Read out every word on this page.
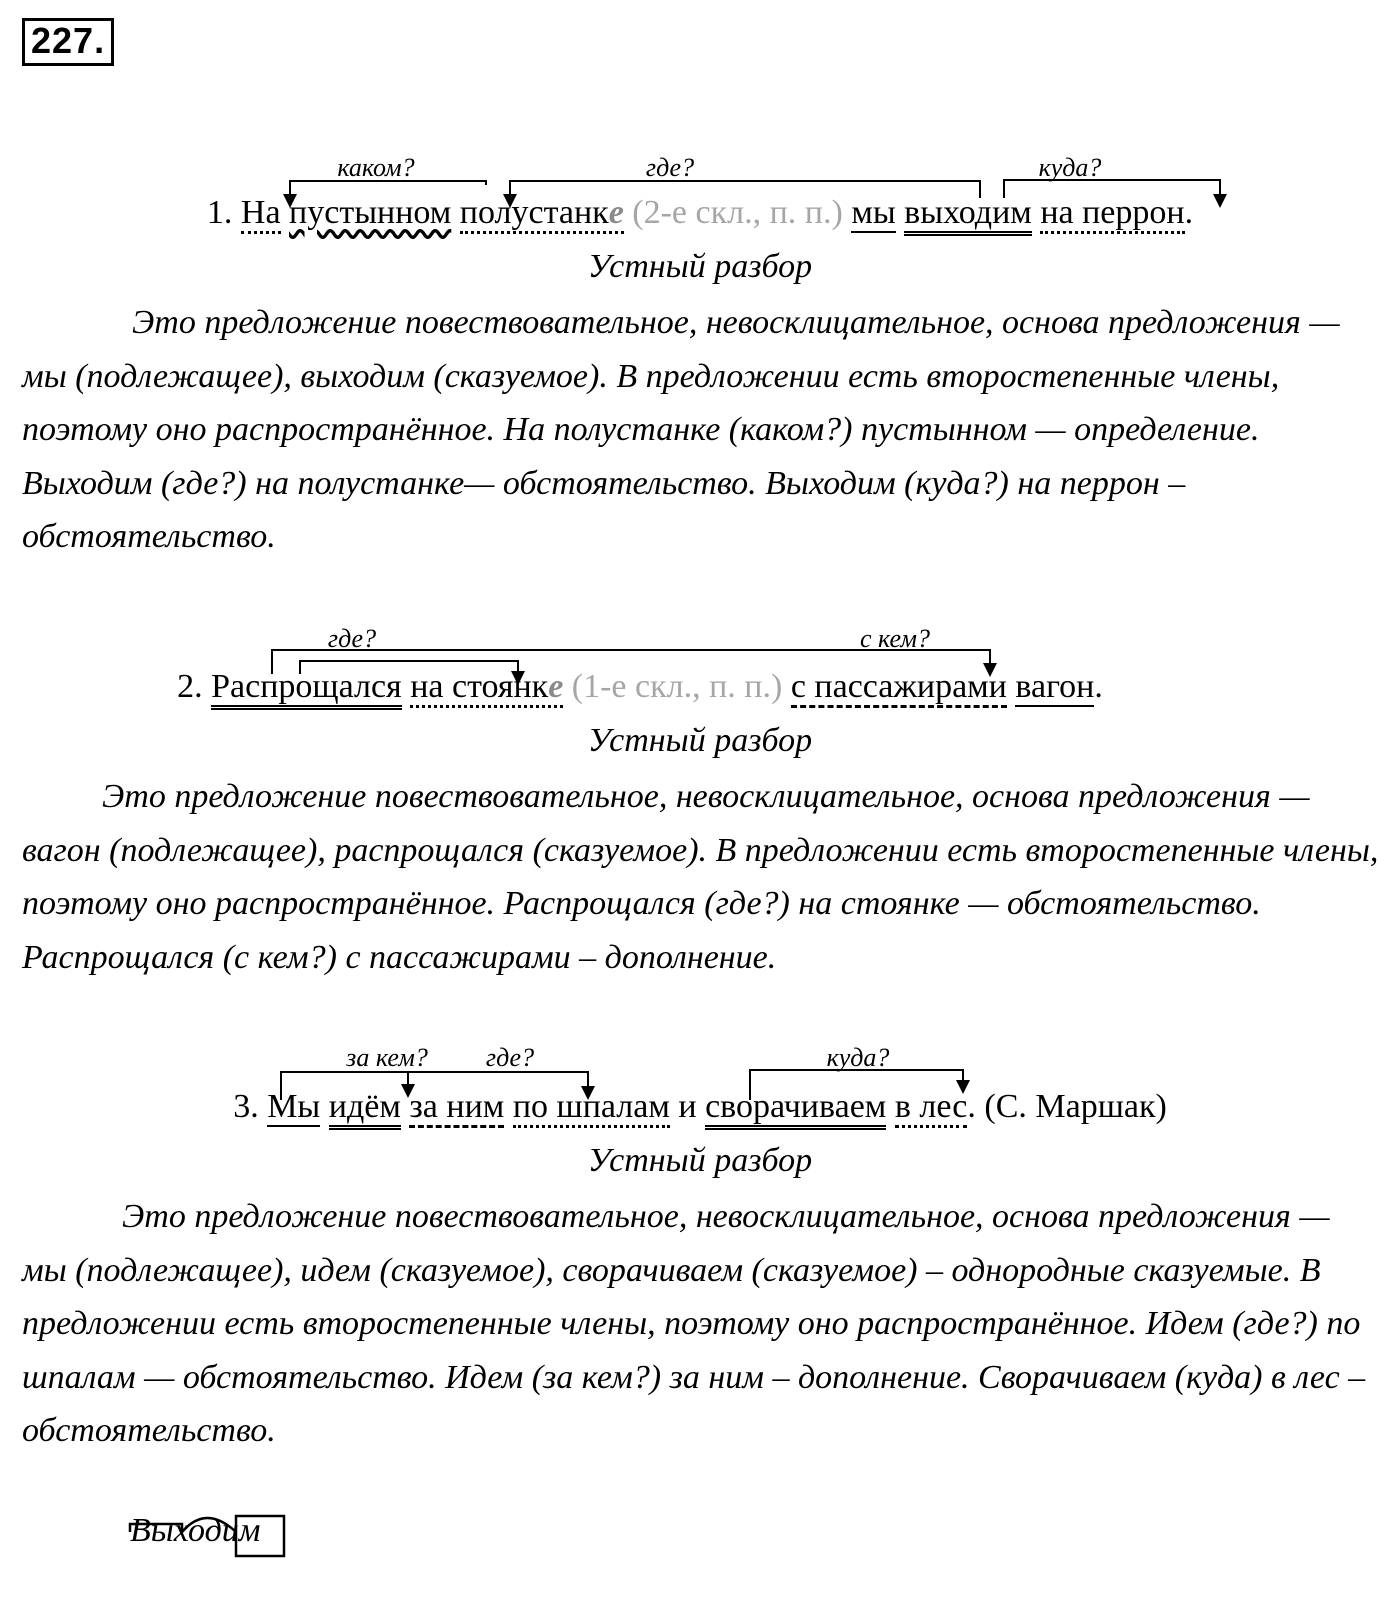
227.
каком?	где?	куда?
1. На пустынном полустанке (2-е скл., п. п.) мы выходим на перрон.
Устный разбор
Это предложение повествовательное, невосклицательное, основа предложения — мы (подлежащее), выходим (сказуемое). В предложении есть второстепенные члены, поэтому оно распространённое. На полустанке (каком?) пустынном — определение. Выходим (где?) на полустанке— обстоятельство. Выходим (куда?) на перрон – обстоятельство.
где?	с кем?
2. Распрощался на стоянке (1-е скл., п. п.) с пассажирами вагон.
Устный разбор
Это предложение повествовательное, невосклицательное, основа предложения — вагон (подлежащее), распрощался (сказуемое). В предложении есть второстепенные члены, поэтому оно распространённое. Распрощался (где?) на стоянке — обстоятельство. Распрощался (с кем?) с пассажирами – дополнение.
за кем? где?	куда?
3. Мы идём за ним по шпалам и сворачиваем в лес. (С. Маршак)
Устный разбор
Это предложение повествовательное, невосклицательное, основа предложения — мы (подлежащее), идем (сказуемое), сворачиваем (сказуемое) – однородные сказуемые. В предложении есть второстепенные члены, поэтому оно распространённое. Идем (где?) по шпалам — обстоятельство. Идем (за кем?) за ним – дополнение. Сворачиваем (куда) в лес – обстоятельство.
Выходим
